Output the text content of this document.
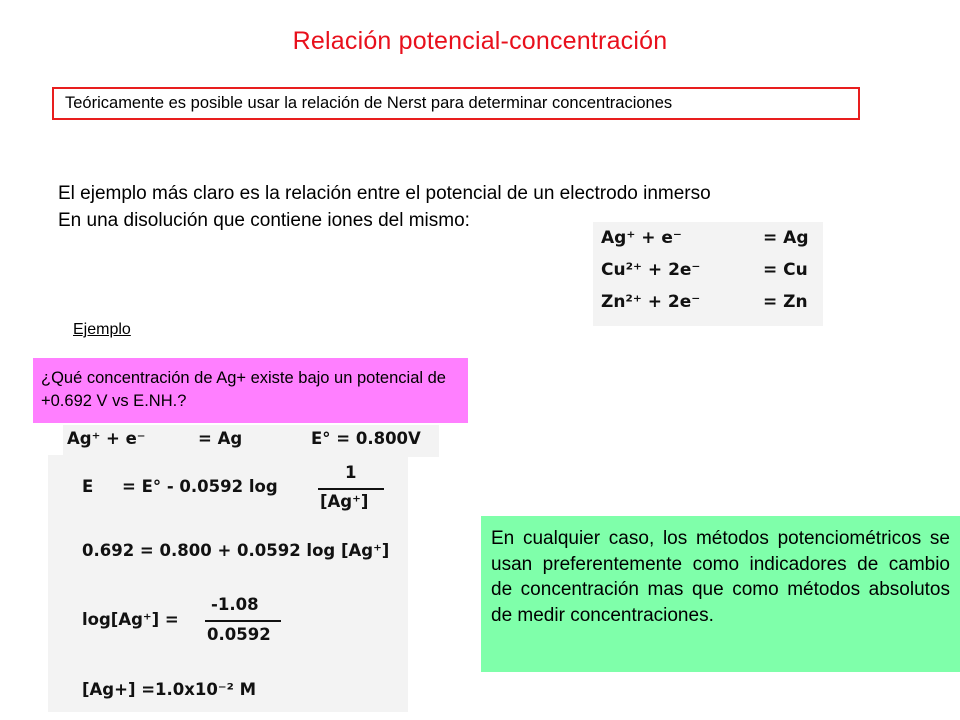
Relación potencial-concentración
Teóricamente es posible usar la relación de Nerst para determinar concentraciones
El ejemplo más claro es la relación entre el potencial de un electrodo inmerso
En una disolución que contiene iones del mismo:
Ag⁺ + e⁻	= Ag
Cu²⁺ + 2e⁻	= Cu
Zn²⁺ + 2e⁻	= Zn
Ejemplo
¿Qué concentración de Ag+ existe bajo un potencial de +0.692 V vs E.NH.?
Ag⁺ + e⁻	= Ag	E° = 0.800V
E = E° - 0.0592 log
1
[Ag⁺]
0.692 = 0.800 + 0.0592 log [Ag⁺]
log[Ag⁺] =
-1.08
0.0592
[Ag+] =1.0x10⁻² M
En cualquier caso, los métodos potenciométricos se usan preferentemente como indicadores de cambio de concentración mas que como métodos absolutos de medir concentraciones.
